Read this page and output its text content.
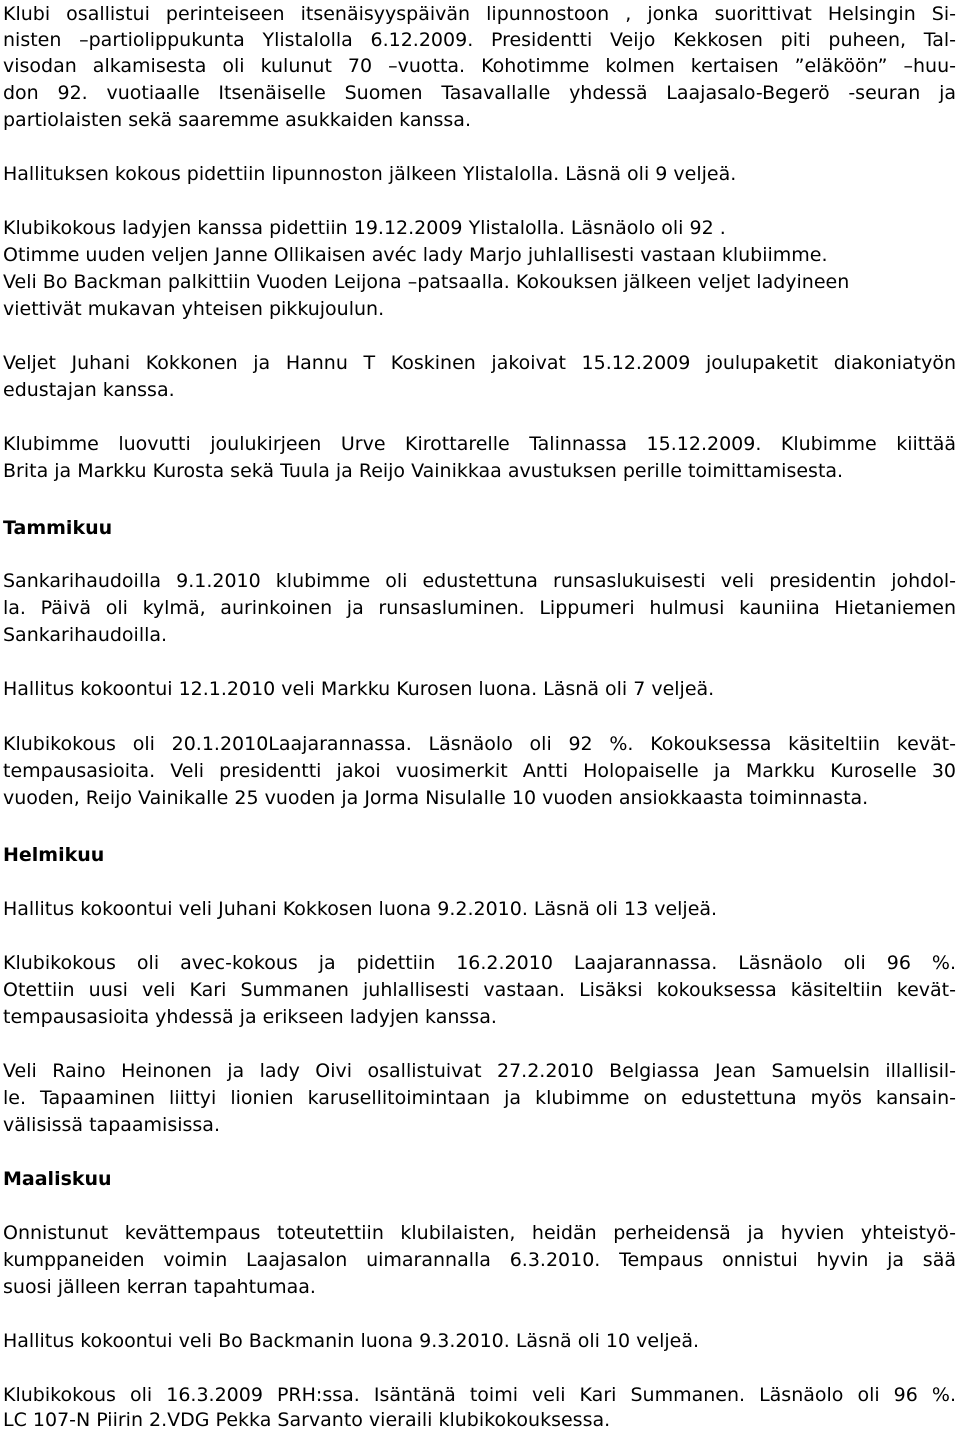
Klubi osallistui perinteiseen itsenäisyyspäivän lipunnostoon , jonka suorittivat Helsingin Si-
nisten –partiolippukunta Ylistalolla 6.12.2009. Presidentti Veijo Kekkosen piti puheen, Tal-
visodan alkamisesta oli kulunut 70 –vuotta. Kohotimme kolmen kertaisen ”eläköön” –huu-
don 92. vuotiaalle Itsenäiselle Suomen Tasavallalle yhdessä Laajasalo-Begerö -seuran ja
partiolaisten sekä saaremme asukkaiden kanssa.
Hallituksen kokous pidettiin lipunnoston jälkeen Ylistalolla. Läsnä oli 9 veljeä.
Klubikokous ladyjen kanssa pidettiin 19.12.2009 Ylistalolla. Läsnäolo oli 92 .
Otimme uuden veljen Janne Ollikaisen avéc lady Marjo juhlallisesti vastaan klubiimme.
Veli Bo Backman palkittiin Vuoden Leijona –patsaalla. Kokouksen jälkeen veljet ladyineen
viettivät mukavan yhteisen pikkujoulun.
Veljet Juhani Kokkonen ja Hannu T Koskinen jakoivat 15.12.2009 joulupaketit diakoniatyön
edustajan kanssa.
Klubimme luovutti joulukirjeen Urve Kirottarelle Talinnassa 15.12.2009. Klubimme kiittää
Brita ja Markku Kurosta sekä Tuula ja Reijo Vainikkaa avustuksen perille toimittamisesta.
Tammikuu
Sankarihaudoilla 9.1.2010 klubimme oli edustettuna runsaslukuisesti veli presidentin johdol-
la. Päivä oli kylmä, aurinkoinen ja runsasluminen. Lippumeri hulmusi kauniina Hietaniemen
Sankarihaudoilla.
Hallitus kokoontui 12.1.2010 veli Markku Kurosen luona. Läsnä oli 7 veljeä.
Klubikokous oli 20.1.2010Laajarannassa. Läsnäolo oli 92 %. Kokouksessa käsiteltiin kevät-
tempausasioita. Veli presidentti jakoi vuosimerkit Antti Holopaiselle ja Markku Kuroselle 30
vuoden, Reijo Vainikalle 25 vuoden ja Jorma Nisulalle 10 vuoden ansiokkaasta toiminnasta.
Helmikuu
Hallitus kokoontui veli Juhani Kokkosen luona 9.2.2010. Läsnä oli 13 veljeä.
Klubikokous oli avec-kokous ja pidettiin 16.2.2010 Laajarannassa. Läsnäolo oli 96 %.
Otettiin uusi veli Kari Summanen juhlallisesti vastaan. Lisäksi kokouksessa käsiteltiin kevät-
tempausasioita yhdessä ja erikseen ladyjen kanssa.
Veli Raino Heinonen ja lady Oivi osallistuivat 27.2.2010 Belgiassa Jean Samuelsin illallisil-
le. Tapaaminen liittyi lionien karusellitoimintaan ja klubimme on edustettuna myös kansain-
välisissä tapaamisissa.
Maaliskuu
Onnistunut kevättempaus toteutettiin klubilaisten, heidän perheidensä ja hyvien yhteistyö-
kumppaneiden voimin Laajasalon uimarannalla 6.3.2010. Tempaus onnistui hyvin ja sää
suosi jälleen kerran tapahtumaa.
Hallitus kokoontui veli Bo Backmanin luona 9.3.2010. Läsnä oli 10 veljeä.
Klubikokous oli 16.3.2009 PRH:ssa. Isäntänä toimi veli Kari Summanen. Läsnäolo oli 96 %.
LC 107-N Piirin 2.VDG Pekka Sarvanto vieraili klubikokouksessa.
